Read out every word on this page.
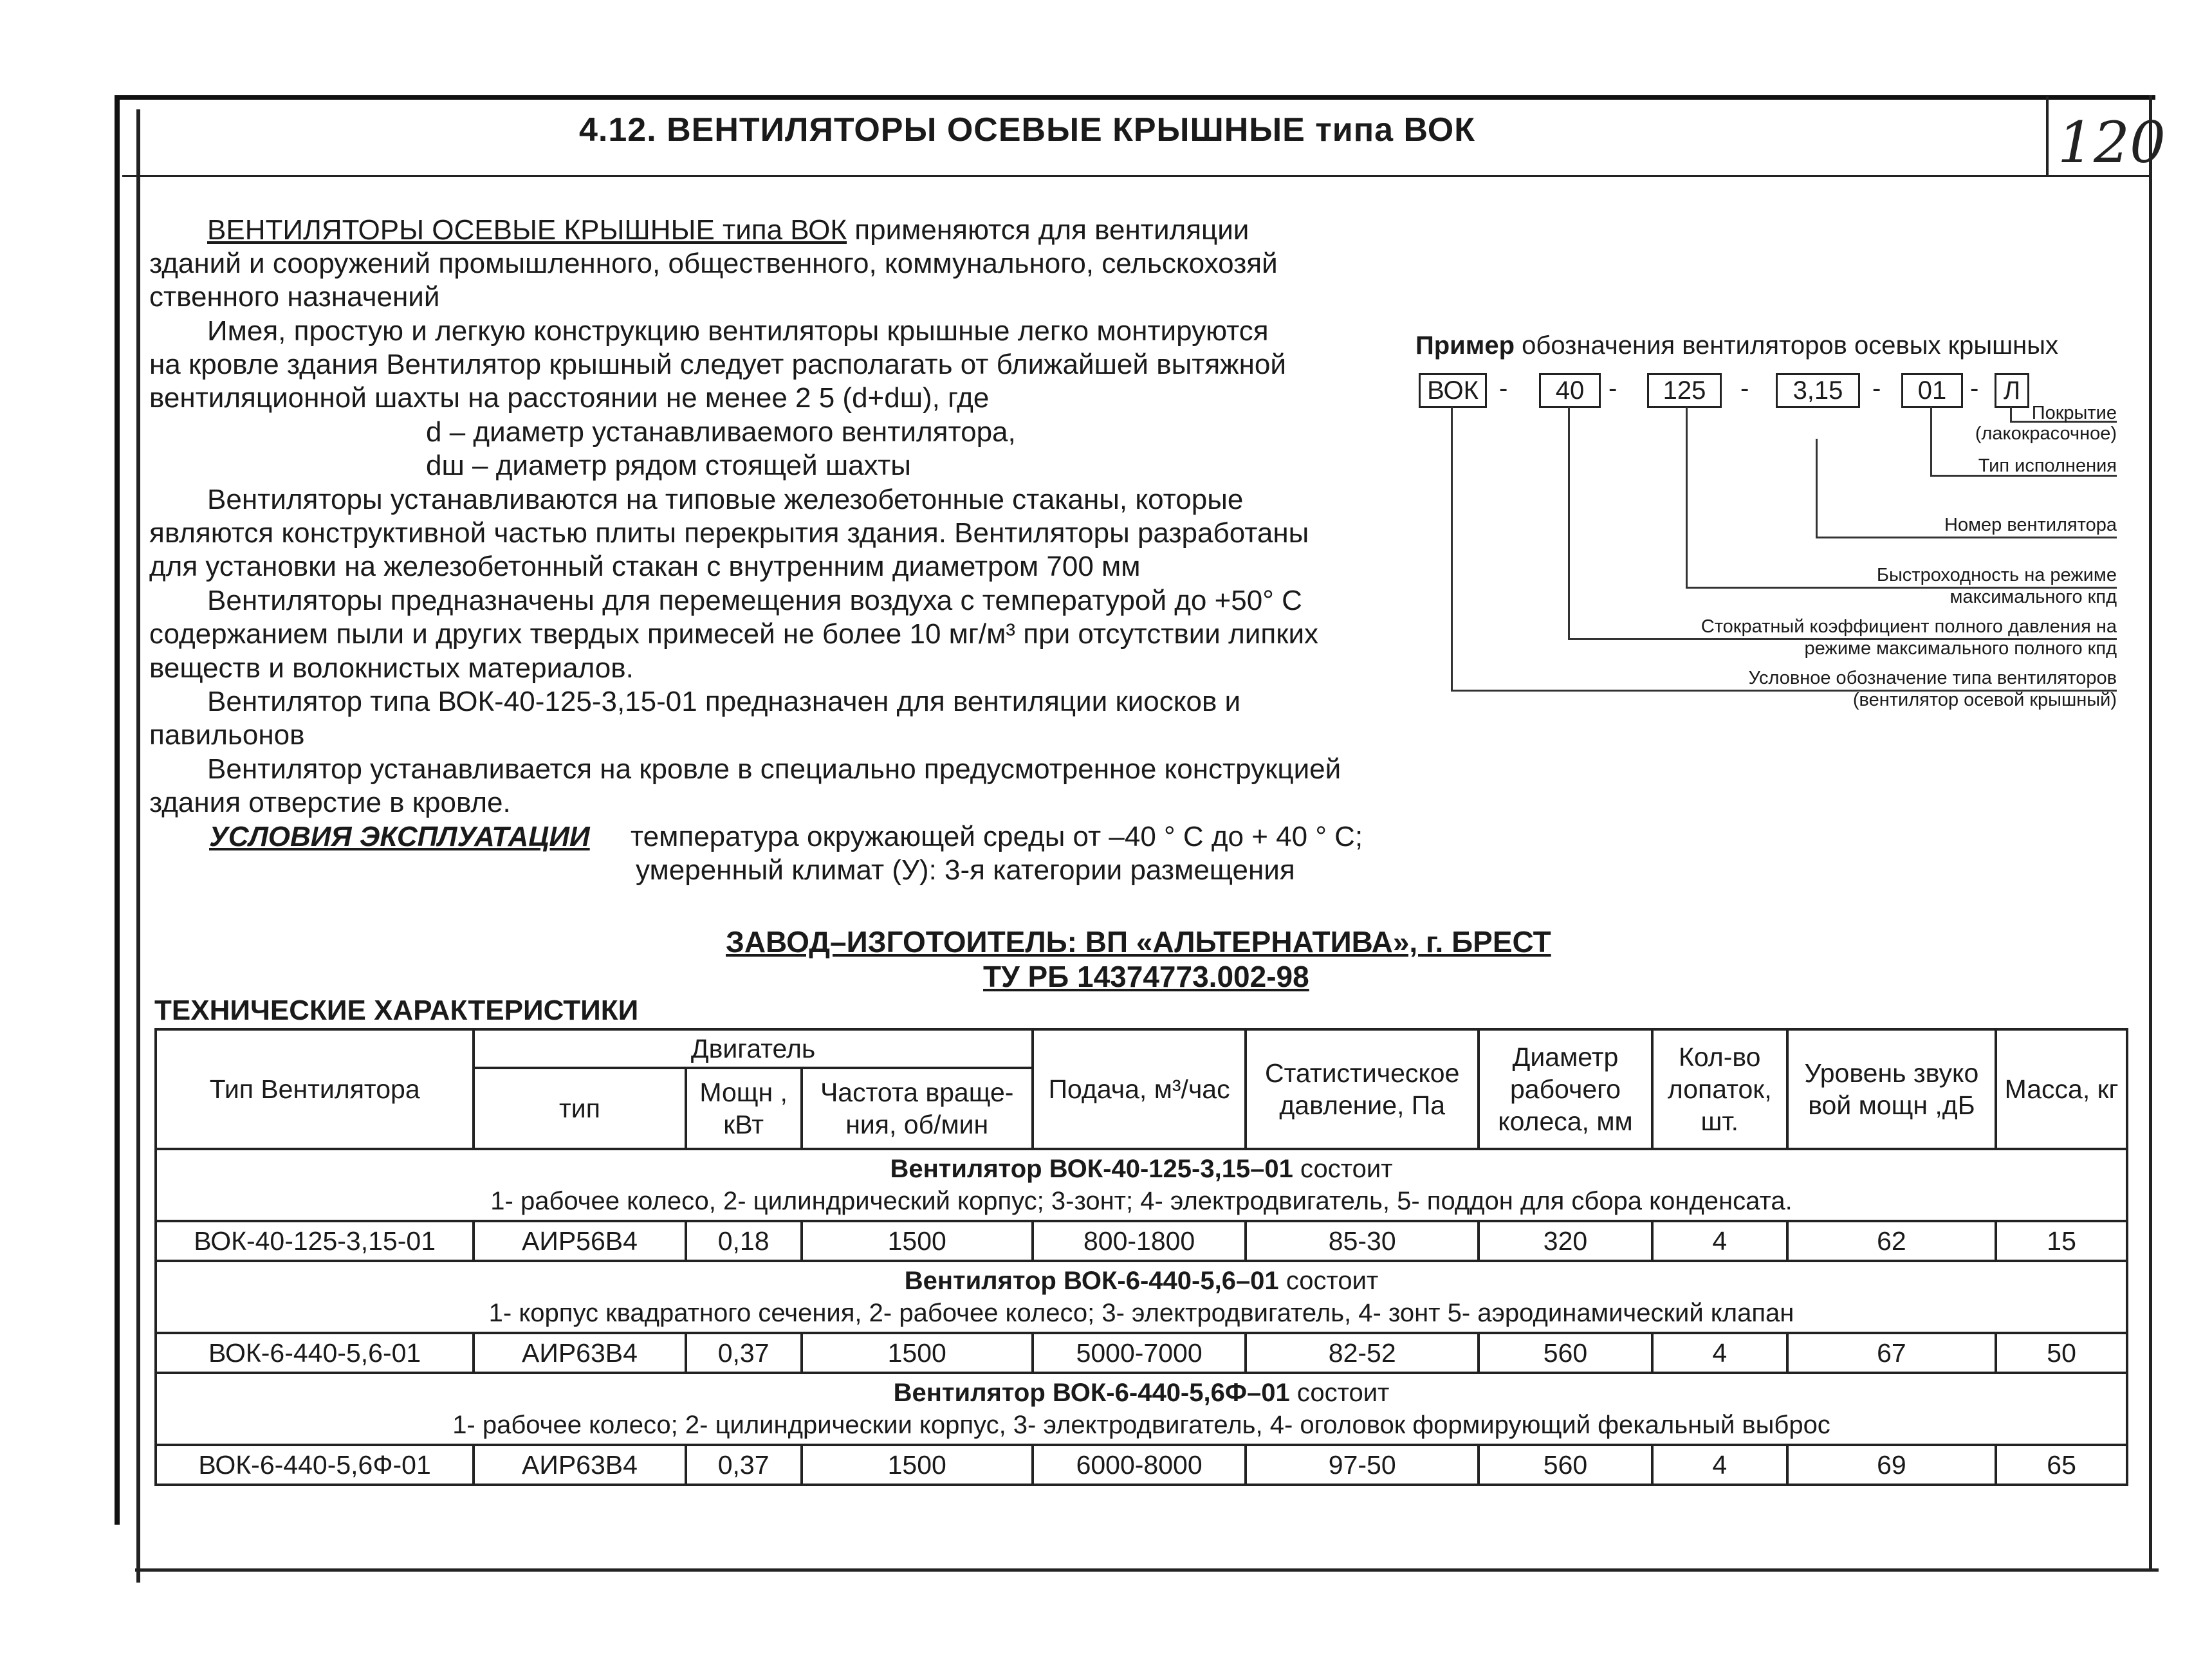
4.12. ВЕНТИЛЯТОРЫ ОСЕВЫЕ КРЫШНЫЕ типа ВОК	120
ВЕНТИЛЯТОРЫ ОСЕВЫЕ КРЫШНЫЕ типа ВОК применяются для вентиляции
зданий и сооружений промышленного, общественного, коммунального, сельскохозяй
ственного назначений
Имея, простую и легкую конструкцию вентиляторы крышные легко монтируются
на кровле здания Вентилятор крышный следует располагать от ближайшей вытяжной
вентиляционной шахты на расстоянии не менее 2 5 (d+dш), где
d – диаметр устанавливаемого вентилятора,
dш – диаметр рядом стоящей шахты
Вентиляторы устанавливаются на типовые железобетонные стаканы, которые
являются конструктивной частью плиты перекрытия здания. Вентиляторы разработаны
для установки на железобетонный стакан с внутренним диаметром 700 мм
Вентиляторы предназначены для перемещения воздуха с температурой до +50° С
содержанием пыли и других твердых примесей не более 10 мг/м³ при отсутствии липких
веществ и волокнистых материалов.
Вентилятор типа ВОК-40-125-3,15-01 предназначен для вентиляции киосков и
павильонов
Вентилятор устанавливается на кровле в специально предусмотренное конструкцией
здания отверстие в кровле.
УСЛОВИЯ ЭКСПЛУАТАЦИИ температура окружающей среды от –40 ° С до + 40 ° С;
умеренный климат (У): 3-я категории размещения
Пример обозначения вентиляторов осевых крышных
ВОК -	40 -	125	-	3,15	-	01 - Л
Покрытие
(лакокрасочное)
Тип исполнения
Номер вентилятора
Быстроходность на режиме
максимального кпд
Стократный коэффициент полного давления на
режиме максимального полного кпд
Условное обозначение типа вентиляторов
(вентилятор осевой крышный)
ЗАВОД–ИЗГОТОИТЕЛЬ: ВП «АЛЬТЕРНАТИВА», г. БРЕСТ
ТУ РБ 14374773.002-98
ТЕХНИЧЕСКИЕ ХАРАКТЕРИСТИКИ
Тип Вентилятора	Двигатель			Подача, м³/час	Статистическое давление, Па	Диаметр рабочего колеса, мм	Кол-во лопаток, шт.	Уровень звуко вой мощн ,дБ	Масса, кг
	тип	Мощн , кВт	Частота враще-ния, об/мин						

Вентилятор ВОК-40-125-3,15–01 состоит
1- рабочее колесо, 2- цилиндрический корпус; 3-зонт; 4- электродвигатель, 5- поддон для сбора конденсата.									

ВОК-40-125-3,15-01	АИР56В4	0,18	1500	800-1800	85-30	320	4	62	15

Вентилятор ВОК-6-440-5,6–01 состоит
1- корпус квадратного сечения, 2- рабочее колесо; 3- электродвигатель, 4- зонт 5- аэродинамический клапан									

ВОК-6-440-5,6-01	АИР63В4	0,37	1500	5000-7000	82-52	560	4	67	50

Вентилятор ВОК-6-440-5,6Ф–01 состоит
1- рабочее колесо; 2- цилиндрическии корпус, 3- электродвигатель, 4- оголовок формирующий фекальный выброс									

ВОК-6-440-5,6Ф-01	АИР63В4	0,37	1500	6000-8000	97-50	560	4	69	65
